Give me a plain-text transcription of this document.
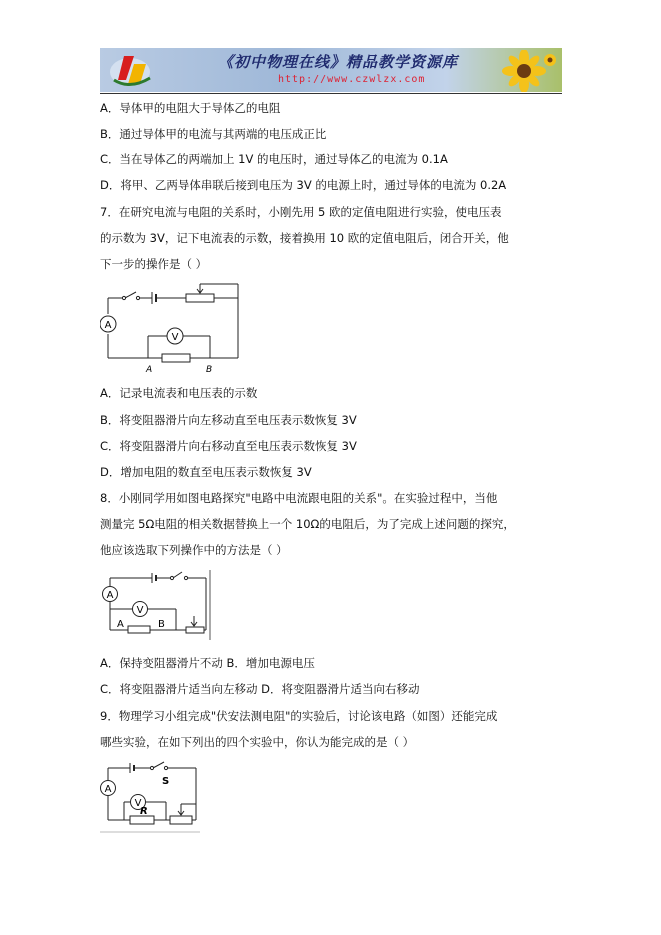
《初中物理在线》精品教学资源库
http://www.czwlzx.com
A．导体甲的电阻大于导体乙的电阻
B．通过导体甲的电流与其两端的电压成正比
C．当在导体乙的两端加上 1V 的电压时，通过导体乙的电流为 0.1A
D．将甲、乙两导体串联后接到电压为 3V 的电源上时，通过导体的电流为 0.2A
7．在研究电流与电阻的关系时，小刚先用 5 欧的定值电阻进行实验，使电压表
的示数为 3V，记下电流表的示数，接着换用 10 欧的定值电阻后，闭合开关，他
下一步的操作是（ ）
A
V
A	B
A．记录电流表和电压表的示数
B．将变阻器滑片向左移动直至电压表示数恢复 3V
C．将变阻器滑片向右移动直至电压表示数恢复 3V
D．增加电阻的数直至电压表示数恢复 3V
8．小刚同学用如图电路探究"电路中电流跟电阻的关系"。在实验过程中，当他
测量完 5Ω电阻的相关数据替换上一个 10Ω的电阻后，为了完成上述问题的探究，
他应该选取下列操作中的方法是（ ）
A
V
A	B
A．保持变阻器滑片不动 B．增加电源电压
C．将变阻器滑片适当向左移动 D．将变阻器滑片适当向右移动
9．物理学习小组完成"伏安法测电阻"的实验后，讨论该电路（如图）还能完成
哪些实验，在如下列出的四个实验中，你认为能完成的是（ ）
A
V
S
R
